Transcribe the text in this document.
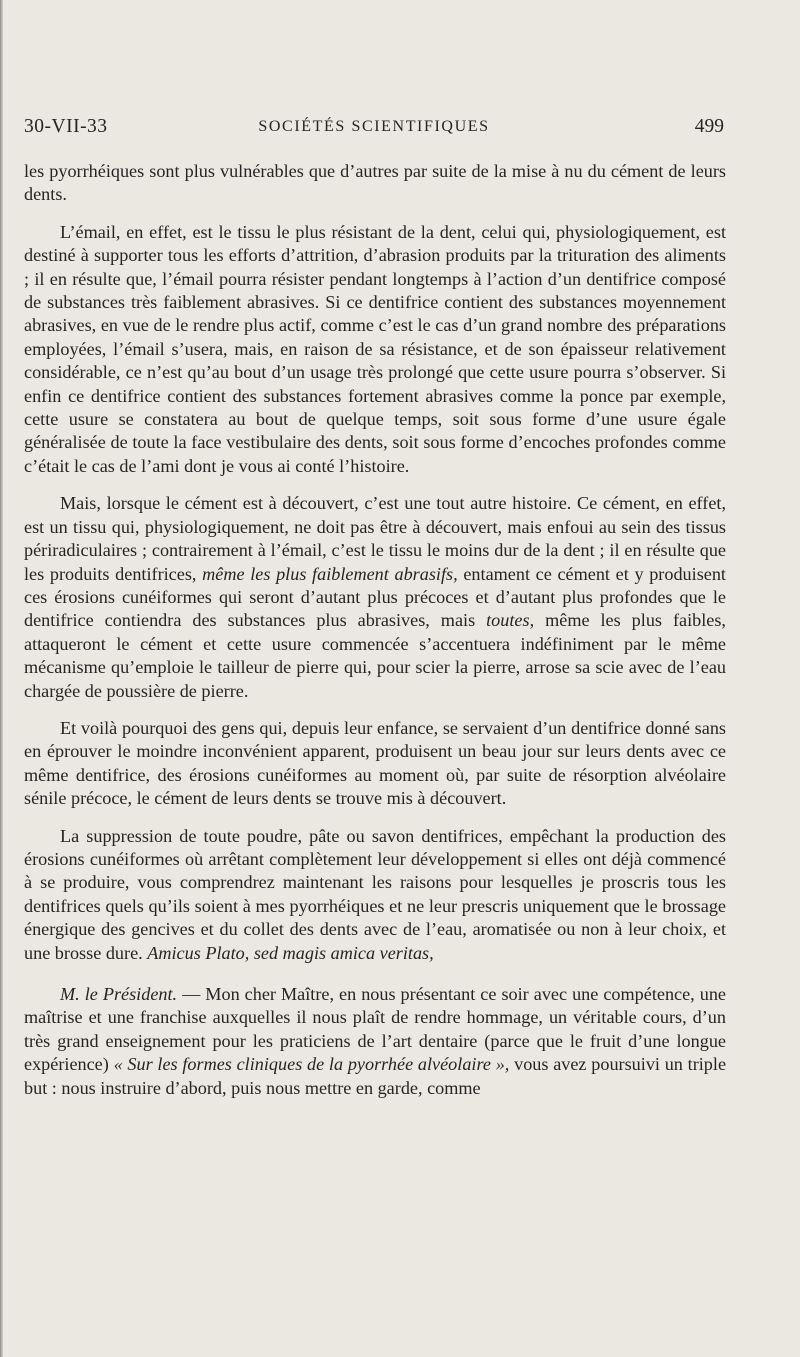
30-VII-33	SOCIÉTÉS SCIENTIFIQUES	499

les pyorrhéiques sont plus vulnérables que d’autres par suite de la mise à nu du cément de leurs dents.

L’émail, en effet, est le tissu le plus résistant de la dent, celui qui, physiologiquement, est destiné à supporter tous les efforts d’attrition, d’abrasion produits par la trituration des aliments ; il en résulte que, l’émail pourra résister pendant longtemps à l’action d’un dentifrice composé de substances très faiblement abrasives. Si ce dentifrice contient des substances moyennement abrasives, en vue de le rendre plus actif, comme c’est le cas d’un grand nombre des préparations employées, l’émail s’usera, mais, en raison de sa résistance, et de son épaisseur relativement considérable, ce n’est qu’au bout d’un usage très prolongé que cette usure pourra s’observer. Si enfin ce dentifrice contient des substances fortement abrasives comme la ponce par exemple, cette usure se constatera au bout de quelque temps, soit sous forme d’une usure égale généralisée de toute la face vestibulaire des dents, soit sous forme d’encoches profondes comme c’était le cas de l’ami dont je vous ai conté l’histoire.

Mais, lorsque le cément est à découvert, c’est une tout autre histoire. Ce cément, en effet, est un tissu qui, physiologiquement, ne doit pas être à découvert, mais enfoui au sein des tissus périradiculaires ; contrairement à l’émail, c’est le tissu le moins dur de la dent ; il en résulte que les produits dentifrices, même les plus faiblement abrasifs, entament ce cément et y produisent ces érosions cunéiformes qui seront d’autant plus précoces et d’autant plus profondes que le dentifrice contiendra des substances plus abrasives, mais toutes, même les plus faibles, attaqueront le cément et cette usure commencée s’accentuera indéfiniment par le même mécanisme qu’emploie le tailleur de pierre qui, pour scier la pierre, arrose sa scie avec de l’eau chargée de poussière de pierre.

Et voilà pourquoi des gens qui, depuis leur enfance, se servaient d’un dentifrice donné sans en éprouver le moindre inconvénient apparent, produisent un beau jour sur leurs dents avec ce même dentifrice, des érosions cunéiformes au moment où, par suite de résorption alvéolaire sénile précoce, le cément de leurs dents se trouve mis à découvert.

La suppression de toute poudre, pâte ou savon dentifrices, empêchant la production des érosions cunéiformes où arrêtant complètement leur développement si elles ont déjà commencé à se produire, vous comprendrez maintenant les raisons pour lesquelles je proscris tous les dentifrices quels qu’ils soient à mes pyorrhéiques et ne leur prescris uniquement que le brossage énergique des gencives et du collet des dents avec de l’eau, aromatisée ou non à leur choix, et une brosse dure. Amicus Plato, sed magis amica veritas,

M. le Président. — Mon cher Maître, en nous présentant ce soir avec une compétence, une maîtrise et une franchise auxquelles il nous plaît de rendre hommage, un véritable cours, d’un très grand enseignement pour les praticiens de l’art dentaire (parce que le fruit d’une longue expérience) « Sur les formes cliniques de la pyorrhée alvéolaire », vous avez poursuivi un triple but : nous instruire d’abord, puis nous mettre en garde, comme
